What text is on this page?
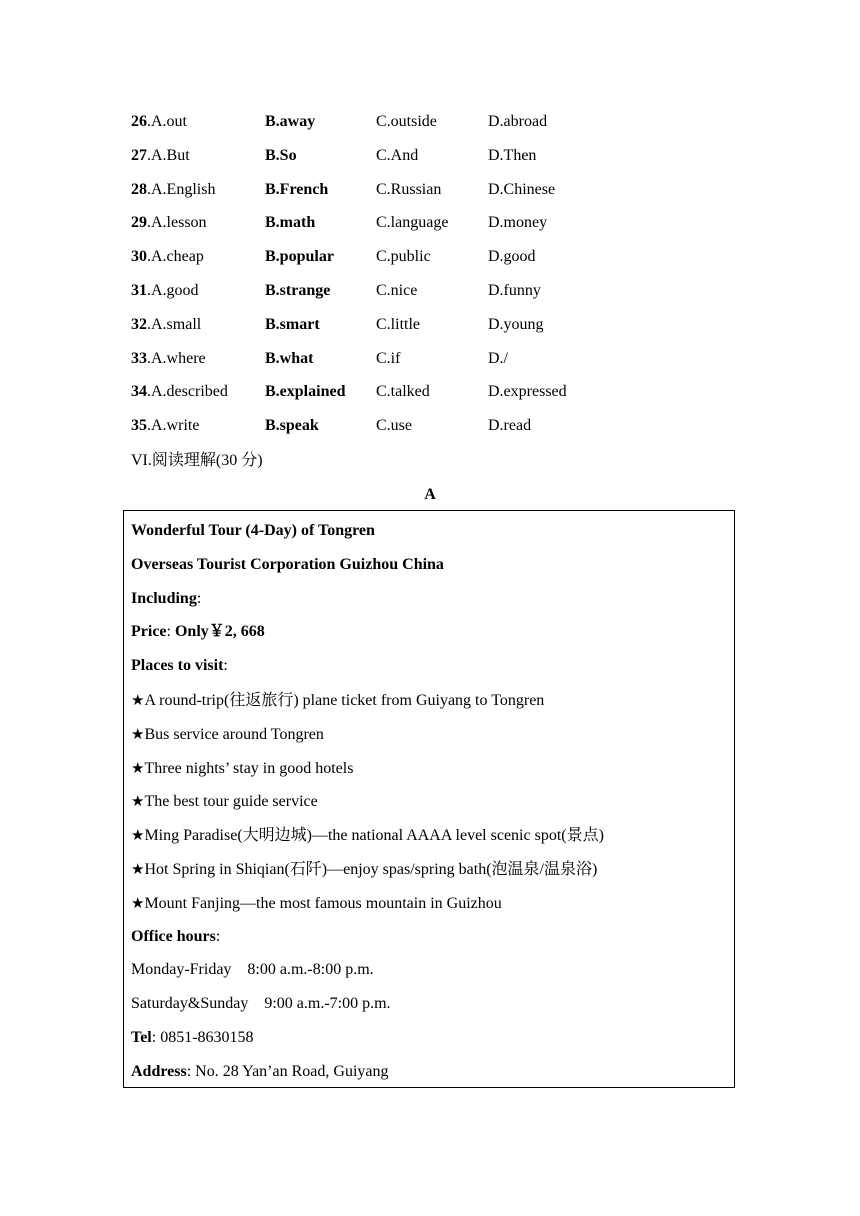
26.A.out	B.away	C.outside	D.abroad
27.A.But	B.So	C.And	D.Then
28.A.English	B.French	C.Russian	D.Chinese
29.A.lesson	B.math	C.language D.money
30.A.cheap	B.popular	C.public	D.good
31.A.good	B.strange	C.nice	D.funny
32.A.small	B.smart	C.little	D.young
33.A.where	B.what	C.if	D./
34.A.described B.explained C.talked	D.expressed
35.A.write	B.speak	C.use	D.read
VI.阅读理解(30 分)
A
Wonderful Tour (4-Day) of Tongren
Overseas Tourist Corporation Guizhou China
Including:
Price: Only￥2, 668
Places to visit:
★A round-trip(往返旅行) plane ticket from Guiyang to Tongren
★Bus service around Tongren
★Three nights’ stay in good hotels
★The best tour guide service
★Ming Paradise(大明边城)—the national AAAA level scenic spot(景点)
★Hot Spring in Shiqian(石阡)—enjoy spas/spring bath(泡温泉/温泉浴)
★Mount Fanjing—the most famous mountain in Guizhou
Office hours:
Monday-Friday    8:00 a.m.-8:00 p.m.
Saturday&Sunday    9:00 a.m.-7:00 p.m.
Tel: 0851-8630158
Address: No. 28 Yan’an Road, Guiyang
